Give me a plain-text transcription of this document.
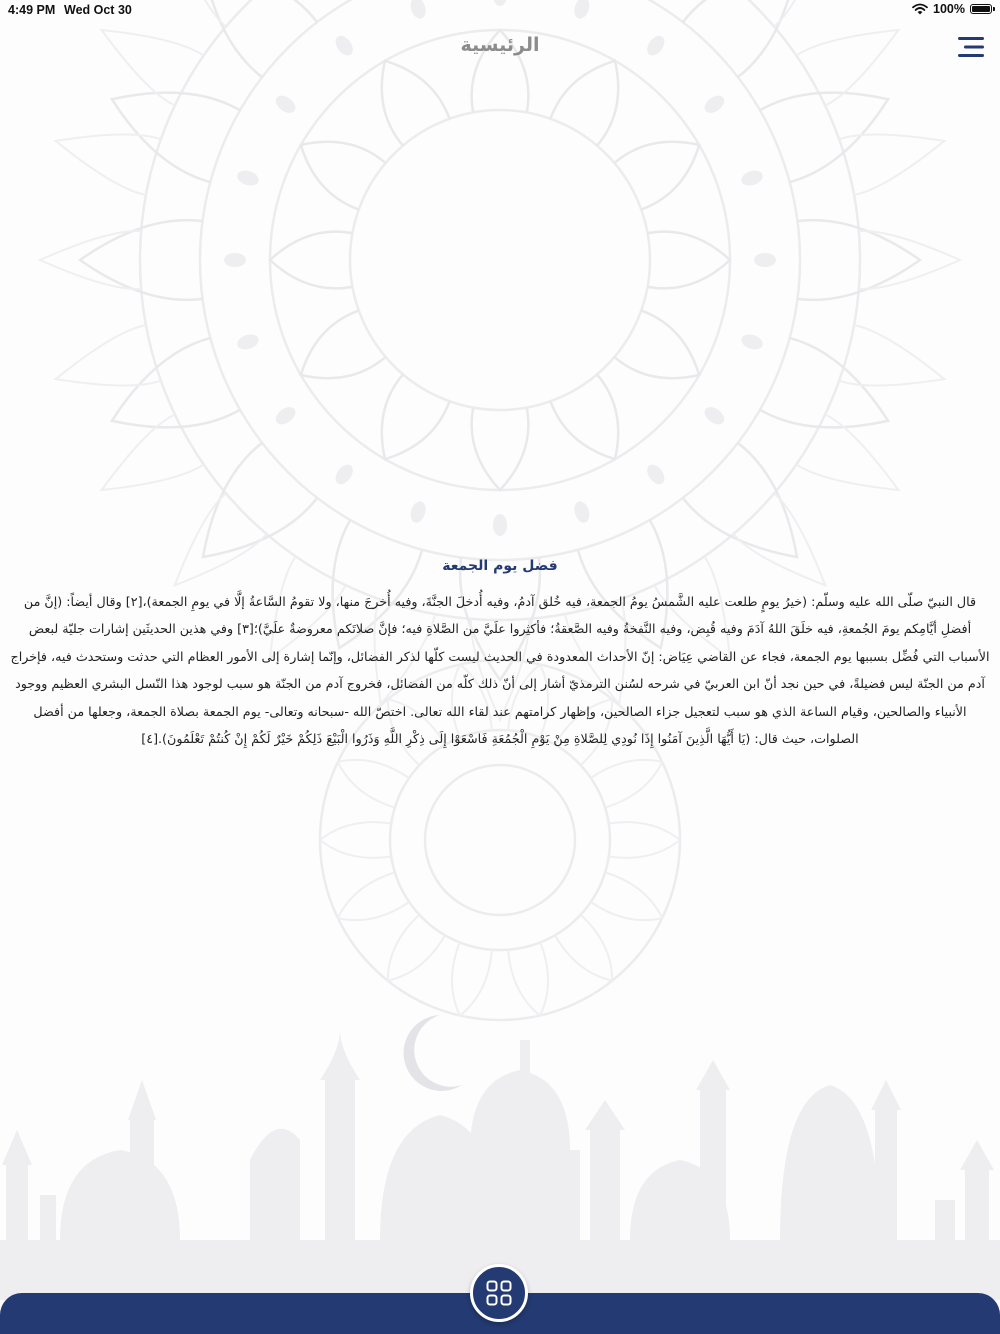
4:49 PM Wed Oct 30	100%
الرئيسية
فضل يوم الجمعة

قال النبيّ صلّى الله عليه وسلّم: (خيرُ يومٍ طلعت عليه الشَّمسُ يومُ الجمعة، فيه خُلق آدمُ، وفيه أُدخلَ الجنَّةَ، وفيه أُخرجَ منها، ولا تقومُ السَّاعةُ إلَّا في يومِ الجمعة)،[٢] وقال أيضاً: (إنَّ من أفضلِ أيَّامِكم يومَ الجُمعةِ، فيه خلَقَ اللهُ آدَمَ وفيه قُبِض، وفيه النَّفخةُ وفيه الصَّعقةُ؛ فأكثِروا علَيَّ من الصَّلاةِ فيه؛ فإنَّ صلاتَكم معروضةٌ علَيَّ)؛[٣] وفي هذين الحديثَين إشارات جليّة لبعض الأسباب التي فُضِّل بسببها يوم الجمعة، فجاء عن القاضي عِيَاض: إنّ الأحداث المعدودة في الحديث ليست كلّها لذكر الفضائل، وإنّما إشارة إلى الأمور العظام التي حدثت وستحدث فيه، فإخراج آدم من الجنّة ليس فضيلةً، في حين نجد أنّ ابن العربيّ في شرحه لسُنن الترمذيّ أشار إلى أنّ ذلك كلّه من الفضائل، فخروج آدم من الجنّة هو سبب لوجود هذا النّسل البشري العظيم ووجود الأنبياء والصالحين، وقيام الساعة الذي هو سبب لتعجيل جزاء الصالحين، وإظهار كرامتهم عند لقاء الله تعالى. اختصّ الله -سبحانه وتعالى- يوم الجمعة بصلاة الجمعة، وجعلها من أفضل الصلوات، حيث قال: (يَا أَيُّهَا الَّذِينَ آمَنُوا إِذَا نُودِي لِلصَّلاةِ مِنْ يَوْمِ الْجُمُعَةِ فَاسْعَوْا إِلَى ذِكْرِ اللَّهِ وَذَرُوا الْبَيْعَ ذَلِكُمْ خَيْرٌ لَكُمْ إِنْ كُنتُمْ تَعْلَمُونَ).[٤]
